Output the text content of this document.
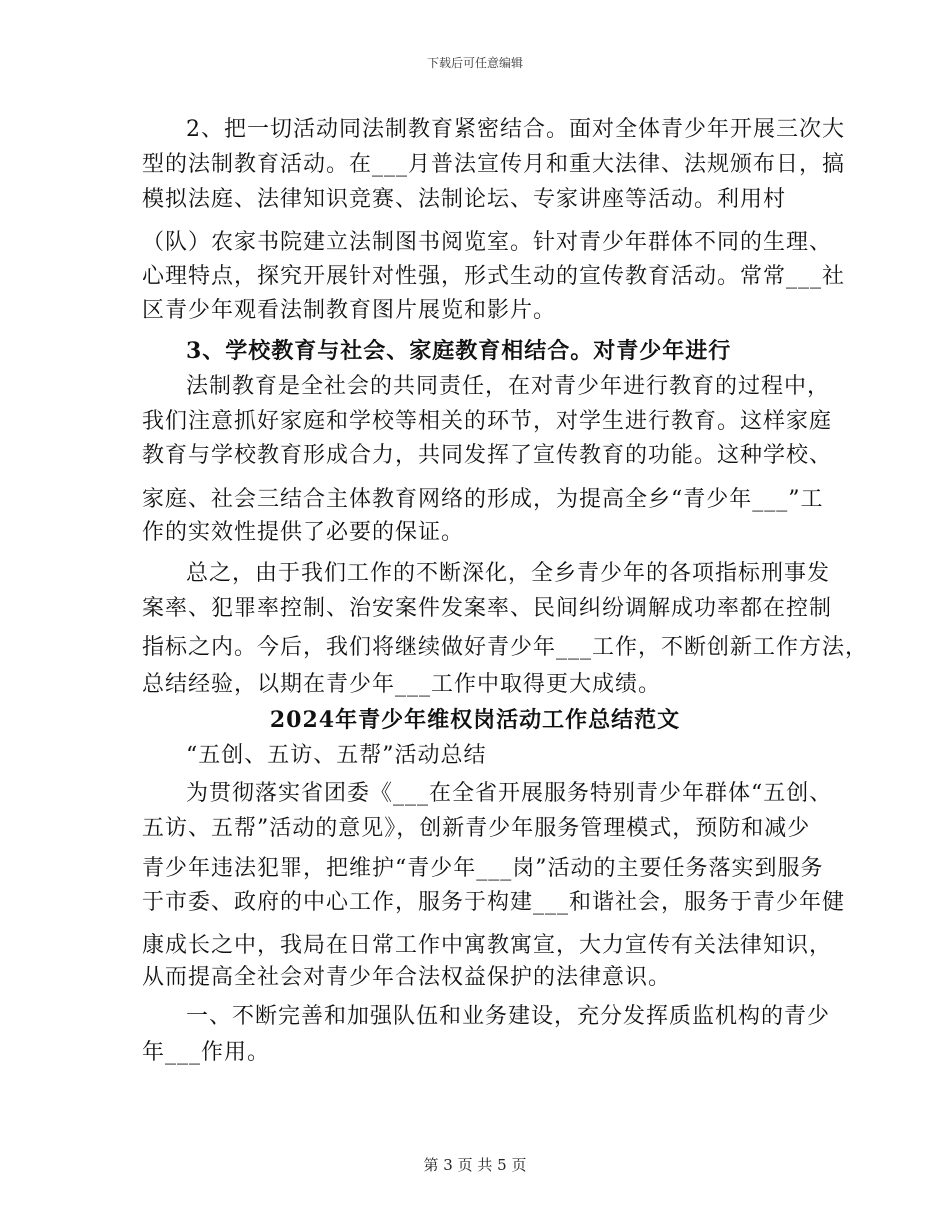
下载后可任意编辑
2、把一切活动同法制教育紧密结合。面对全体青少年开展三次大
型的法制教育活动。在___月普法宣传月和重大法律、法规颁布日，搞
模拟法庭、法律知识竞赛、法制论坛、专家讲座等活动。利用村
（队）农家书院建立法制图书阅览室。针对青少年群体不同的生理、
心理特点，探究开展针对性强，形式生动的宣传教育活动。常常___社
区青少年观看法制教育图片展览和影片。
3、学校教育与社会、家庭教育相结合。对青少年进行
法制教育是全社会的共同责任，在对青少年进行教育的过程中，
我们注意抓好家庭和学校等相关的环节，对学生进行教育。这样家庭
教育与学校教育形成合力，共同发挥了宣传教育的功能。这种学校、
家庭、社会三结合主体教育网络的形成，为提高全乡“青少年___”工
作的实效性提供了必要的保证。
总之，由于我们工作的不断深化，全乡青少年的各项指标刑事发
案率、犯罪率控制、治安案件发案率、民间纠纷调解成功率都在控制
指标之内。今后，我们将继续做好青少年___工作，不断创新工作方法，
总结经验，以期在青少年___工作中取得更大成绩。
2024年青少年维权岗活动工作总结范文
“五创、五访、五帮”活动总结
为贯彻落实省团委《___在全省开展服务特别青少年群体“五创、
五访、五帮”活动的意见》，创新青少年服务管理模式，预防和减少
青少年违法犯罪，把维护“青少年___岗”活动的主要任务落实到服务
于市委、政府的中心工作，服务于构建___和谐社会，服务于青少年健
康成长之中，我局在日常工作中寓教寓宣，大力宣传有关法律知识，
从而提高全社会对青少年合法权益保护的法律意识。
一、不断完善和加强队伍和业务建设，充分发挥质监机构的青少
年___作用。
第 3 页 共 5 页
